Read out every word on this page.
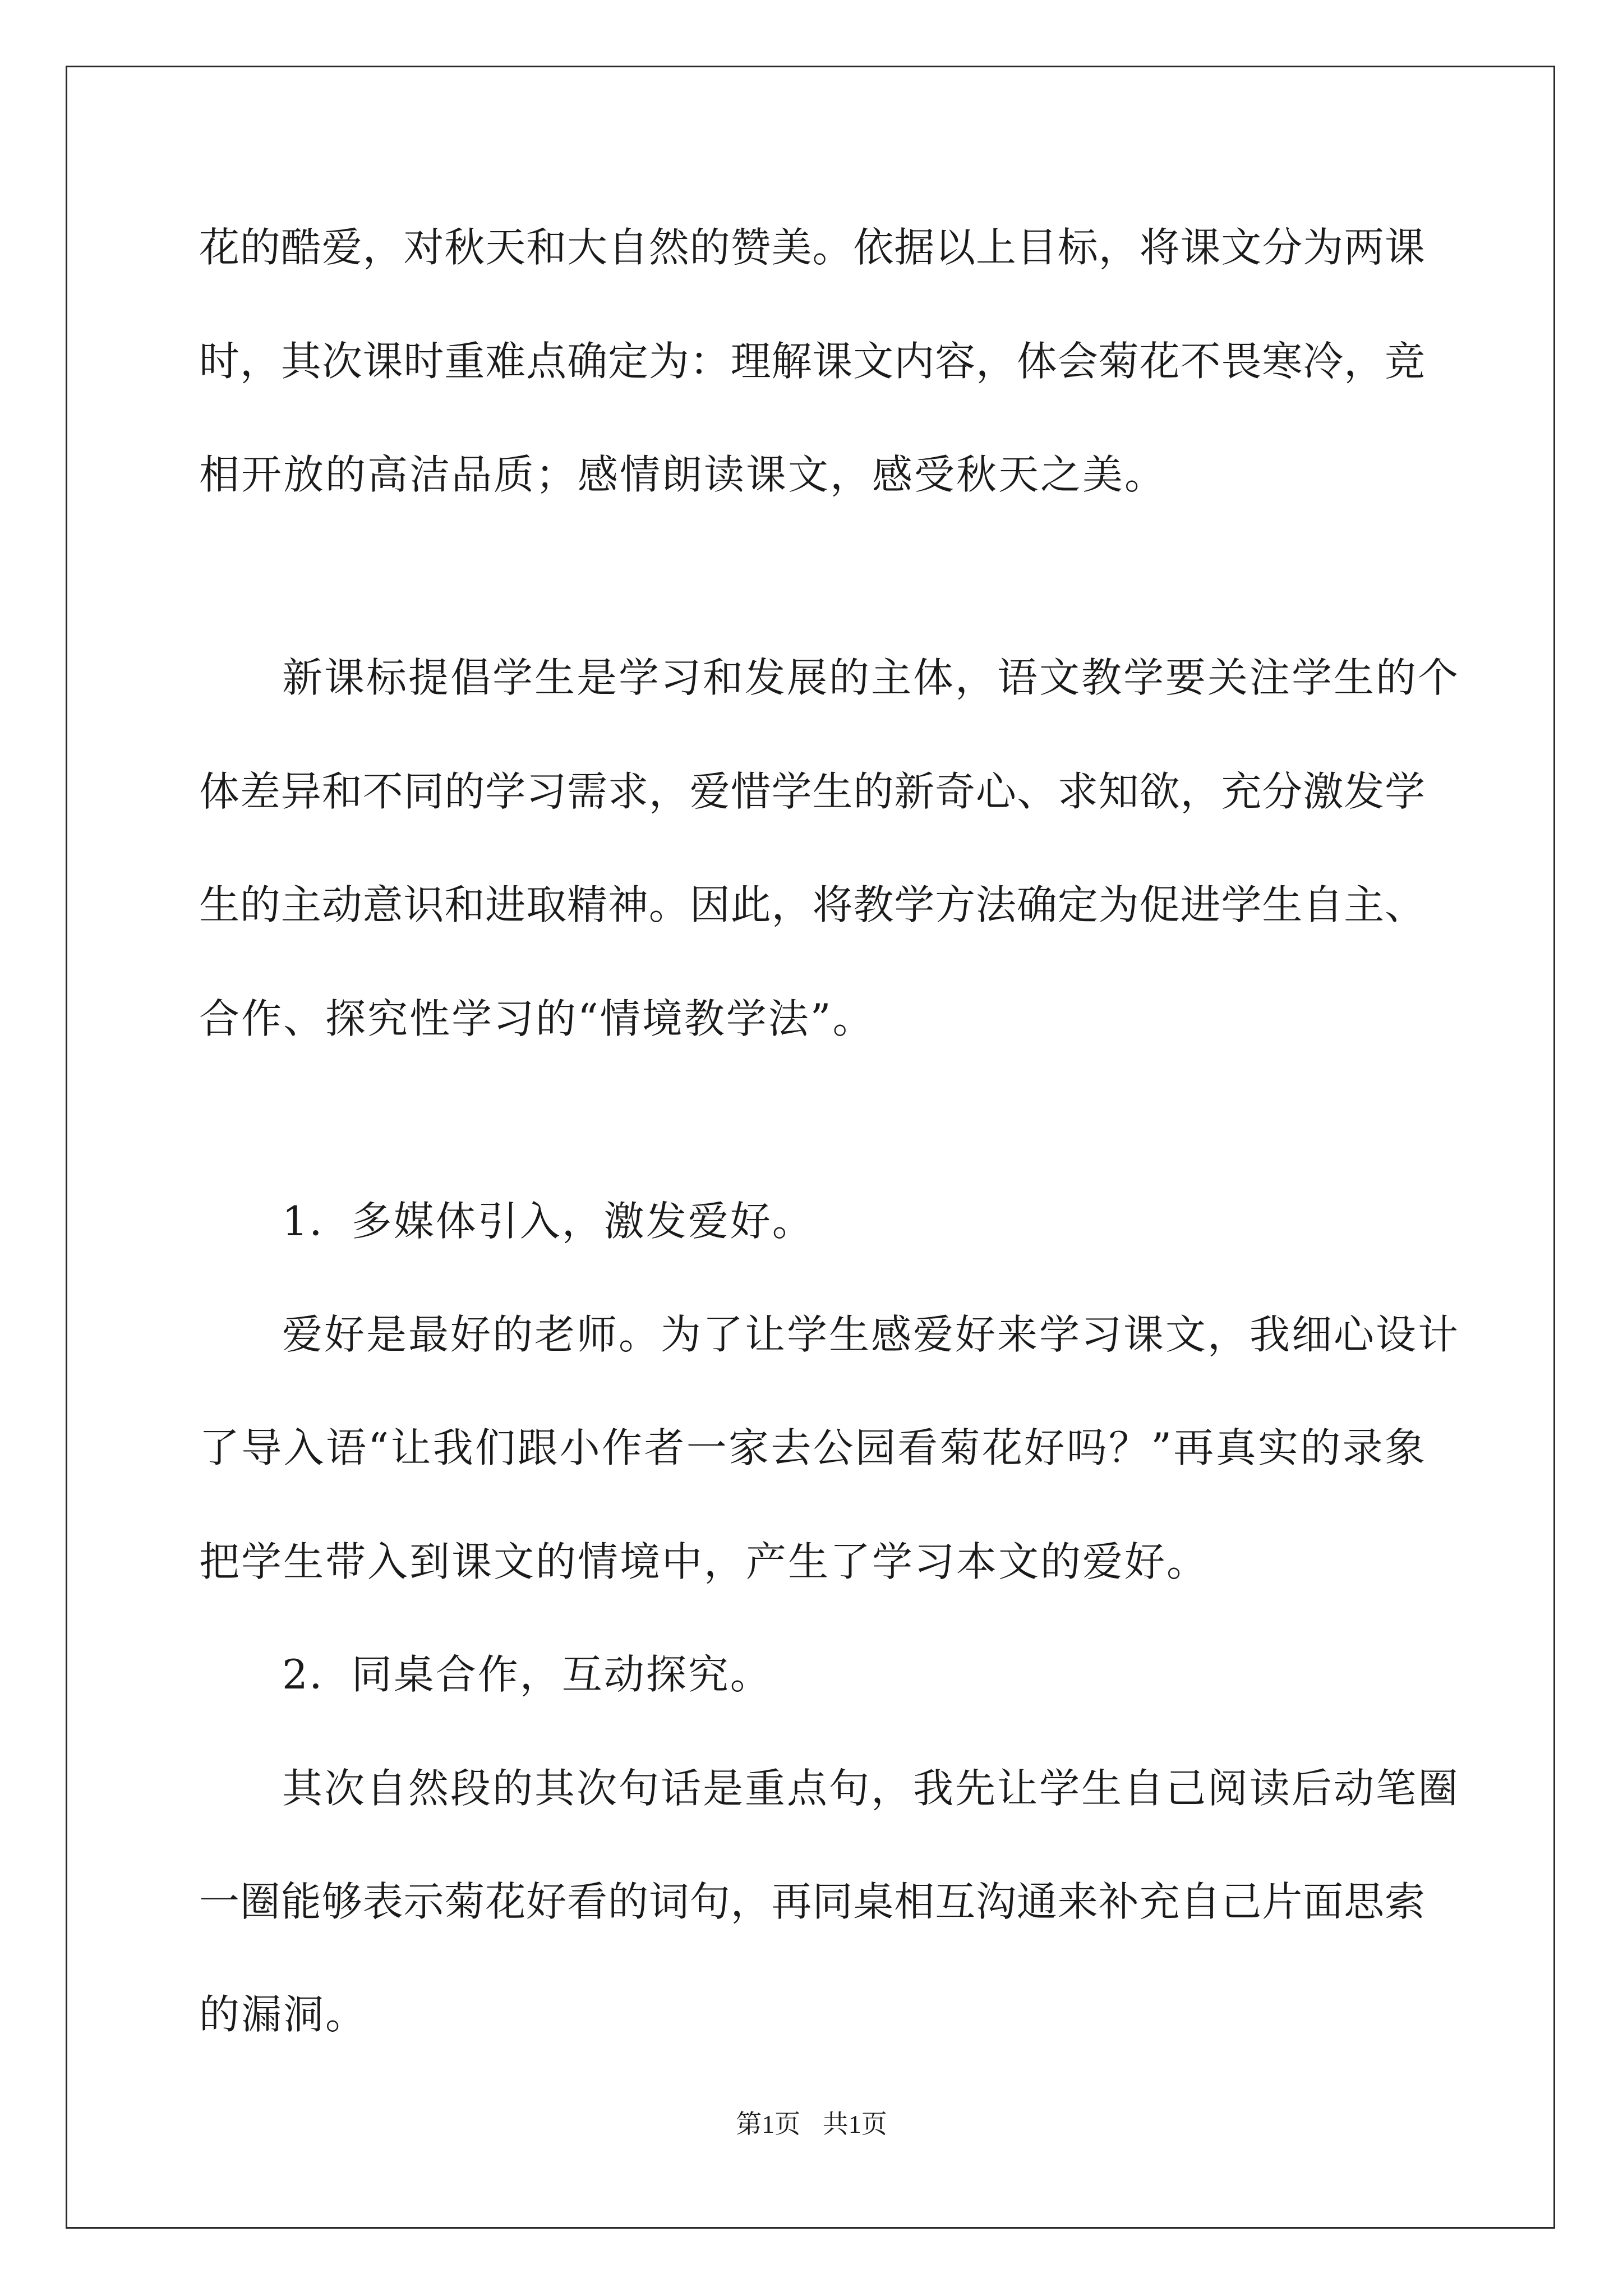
花的酷爱，对秋天和大自然的赞美。依据以上目标，将课文分为两课
时，其次课时重难点确定为：理解课文内容，体会菊花不畏寒冷，竞
相开放的高洁品质；感情朗读课文，感受秋天之美。
新课标提倡学生是学习和发展的主体，语文教学要关注学生的个
体差异和不同的学习需求，爱惜学生的新奇心、求知欲，充分激发学
生的主动意识和进取精神。因此，将教学方法确定为促进学生自主、
合作、探究性学习的“情境教学法”。
1．多媒体引入，激发爱好。
爱好是最好的老师。为了让学生感爱好来学习课文，我细心设计
了导入语“让我们跟小作者一家去公园看菊花好吗？”再真实的录象
把学生带入到课文的情境中，产生了学习本文的爱好。
2．同桌合作，互动探究。
其次自然段的其次句话是重点句，我先让学生自己阅读后动笔圈
一圈能够表示菊花好看的词句，再同桌相互沟通来补充自己片面思索
的漏洞。
第1页 共1页
